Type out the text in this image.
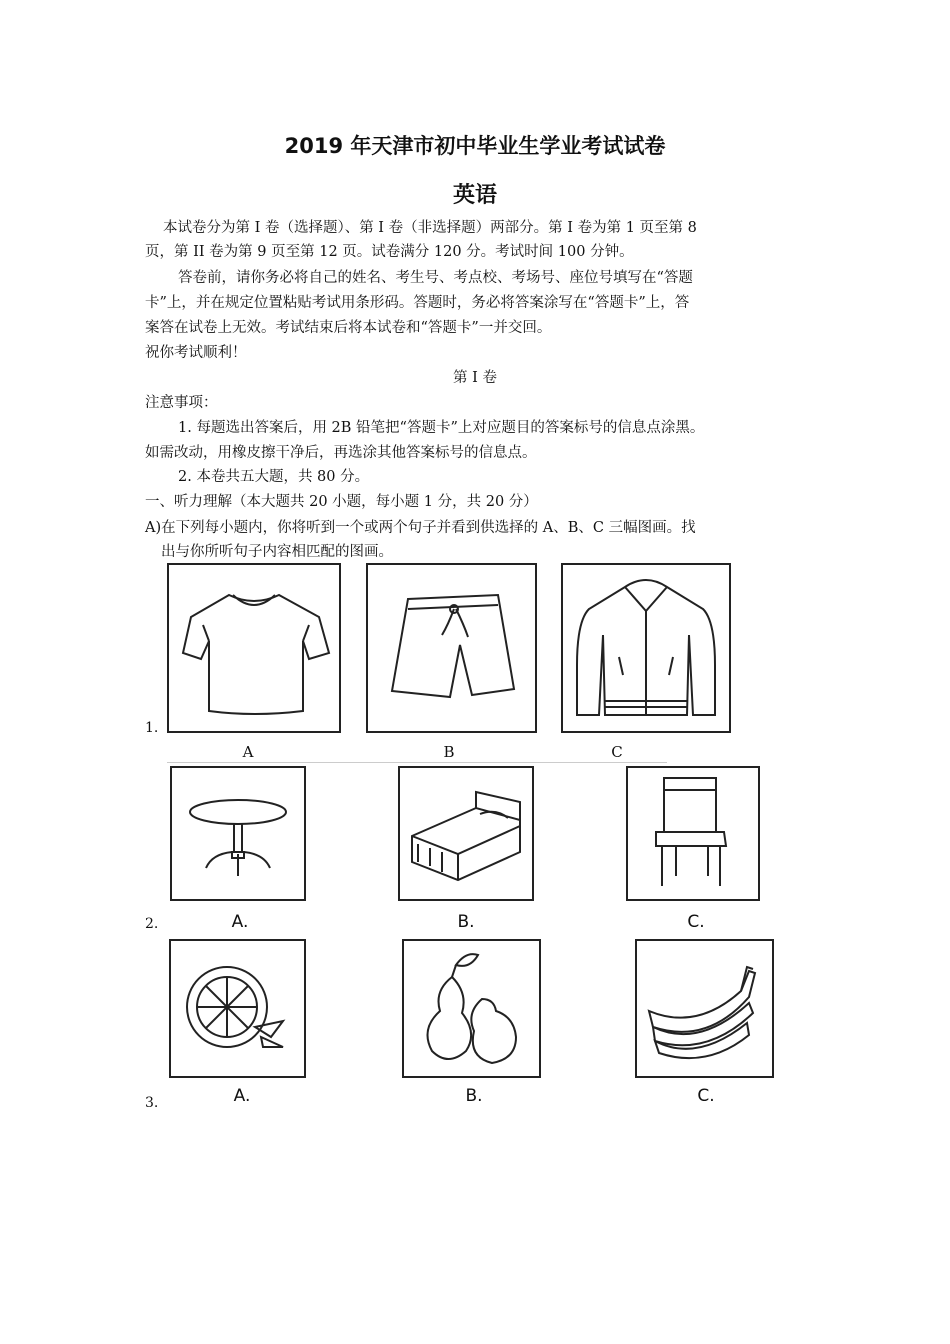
2019 年天津市初中毕业生学业考试试卷
英语
本试卷分为第 I 卷（选择题）、第 I 卷（非选择题）两部分。第 I 卷为第 1 页至第 8
页，第 II 卷为第 9 页至第 12 页。试卷满分 120 分。考试时间 100 分钟。
答卷前，请你务必将自己的姓名、考生号、考点校、考场号、座位号填写在“答题
卡”上，并在规定位置粘贴考试用条形码。答题时，务必将答案涂写在“答题卡”上，答
案答在试卷上无效。考试结束后将本试卷和“答题卡”一并交回。
祝你考试顺利！
第 I 卷
注意事项：
1. 每题选出答案后，用 2B 铅笔把“答题卡”上对应题目的答案标号的信息点涂黑。
如需改动，用橡皮擦干净后，再选涂其他答案标号的信息点。
2. 本卷共五大题，共 80 分。
一、听力理解（本大题共 20 小题，每小题 1 分，共 20 分）
A)在下列每小题内，你将听到一个或两个句子并看到供选择的 A、B、C 三幅图画。找
出与你所听句子内容相匹配的图画。
1.
A	B	C
2.	A.	B.	C.
3.	A.	B.	C.
